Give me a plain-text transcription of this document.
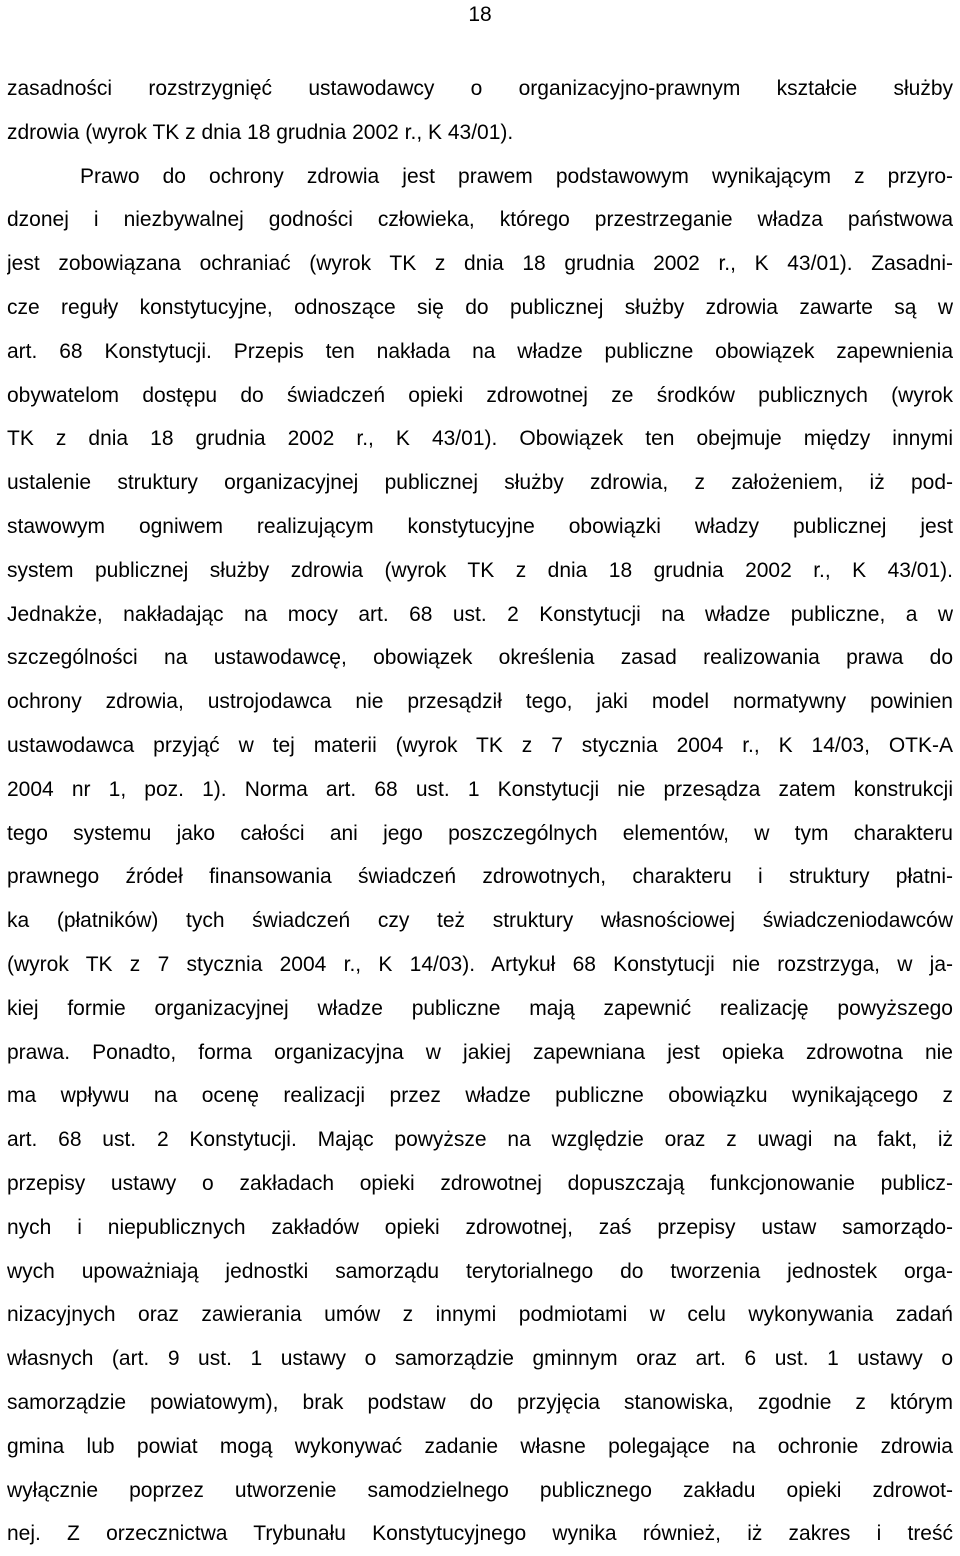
18
zasadności rozstrzygnięć ustawodawcy o organizacyjno-prawnym kształcie służby
zdrowia (wyrok TK z dnia 18 grudnia 2002 r., K 43/01).
Prawo do ochrony zdrowia jest prawem podstawowym wynikającym z przyro-
dzonej i niezbywalnej godności człowieka, którego przestrzeganie władza państwowa
jest zobowiązana ochraniać (wyrok TK z dnia 18 grudnia 2002 r., K 43/01). Zasadni-
cze reguły konstytucyjne, odnoszące się do publicznej służby zdrowia zawarte są w
art. 68 Konstytucji. Przepis ten nakłada na władze publiczne obowiązek zapewnienia
obywatelom dostępu do świadczeń opieki zdrowotnej ze środków publicznych (wyrok
TK z dnia 18 grudnia 2002 r., K 43/01). Obowiązek ten obejmuje między innymi
ustalenie struktury organizacyjnej publicznej służby zdrowia, z założeniem, iż pod-
stawowym ogniwem realizującym konstytucyjne obowiązki władzy publicznej jest
system publicznej służby zdrowia (wyrok TK z dnia 18 grudnia 2002 r., K 43/01).
Jednakże, nakładając na mocy art. 68 ust. 2 Konstytucji na władze publiczne, a w
szczególności na ustawodawcę, obowiązek określenia zasad realizowania prawa do
ochrony zdrowia, ustrojodawca nie przesądził tego, jaki model normatywny powinien
ustawodawca przyjąć w tej materii (wyrok TK z 7 stycznia 2004 r., K 14/03, OTK-A
2004 nr 1, poz. 1). Norma art. 68 ust. 1 Konstytucji nie przesądza zatem konstrukcji
tego systemu jako całości ani jego poszczególnych elementów, w tym charakteru
prawnego źródeł finansowania świadczeń zdrowotnych, charakteru i struktury płatni-
ka (płatników) tych świadczeń czy też struktury własnościowej świadczeniodawców
(wyrok TK z 7 stycznia 2004 r., K 14/03). Artykuł 68 Konstytucji nie rozstrzyga, w ja-
kiej formie organizacyjnej władze publiczne mają zapewnić realizację powyższego
prawa. Ponadto, forma organizacyjna w jakiej zapewniana jest opieka zdrowotna nie
ma wpływu na ocenę realizacji przez władze publiczne obowiązku wynikającego z
art. 68 ust. 2 Konstytucji. Mając powyższe na względzie oraz z uwagi na fakt, iż
przepisy ustawy o zakładach opieki zdrowotnej dopuszczają funkcjonowanie publicz-
nych i niepublicznych zakładów opieki zdrowotnej, zaś przepisy ustaw samorządo-
wych upoważniają jednostki samorządu terytorialnego do tworzenia jednostek orga-
nizacyjnych oraz zawierania umów z innymi podmiotami w celu wykonywania zadań
własnych (art. 9 ust. 1 ustawy o samorządzie gminnym oraz art. 6 ust. 1 ustawy o
samorządzie powiatowym), brak podstaw do przyjęcia stanowiska, zgodnie z którym
gmina lub powiat mogą wykonywać zadanie własne polegające na ochronie zdrowia
wyłącznie poprzez utworzenie samodzielnego publicznego zakładu opieki zdrowot-
nej. Z orzecznictwa Trybunału Konstytucyjnego wynika również, iż zakres i treść
